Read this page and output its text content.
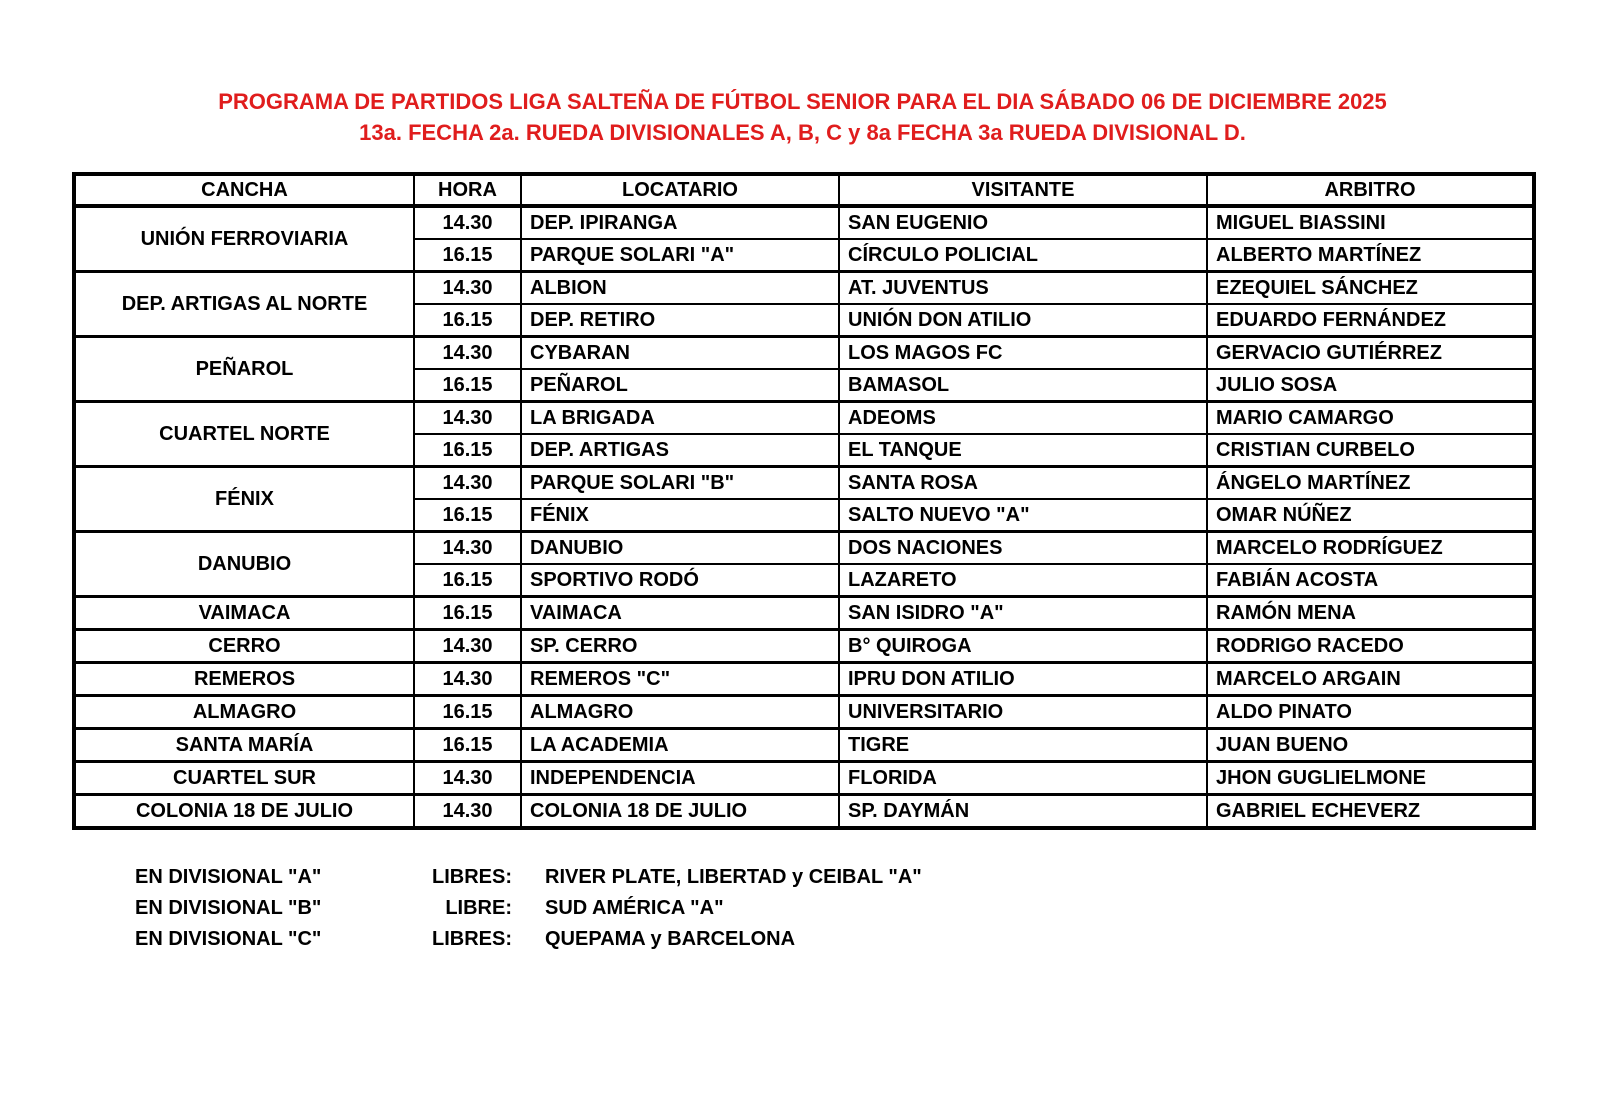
PROGRAMA DE PARTIDOS LIGA SALTEÑA DE FÚTBOL SENIOR PARA EL DIA SÁBADO 06 DE DICIEMBRE 2025
13a. FECHA 2a. RUEDA DIVISIONALES A, B, C y 8a FECHA 3a RUEDA DIVISIONAL D.
CANCHA	HORA	LOCATARIO	VISITANTE	ARBITRO
UNIÓN FERROVIARIA	14.30	DEP. IPIRANGA	SAN EUGENIO	MIGUEL BIASSINI
	16.15	PARQUE SOLARI "A"	CÍRCULO POLICIAL	ALBERTO MARTÍNEZ
DEP. ARTIGAS AL NORTE	14.30	ALBION	AT. JUVENTUS	EZEQUIEL SÁNCHEZ
	16.15	DEP. RETIRO	UNIÓN DON ATILIO	EDUARDO FERNÁNDEZ
PEÑAROL	14.30	CYBARAN	LOS MAGOS FC	GERVACIO GUTIÉRREZ
	16.15	PEÑAROL	BAMASOL	JULIO SOSA
CUARTEL NORTE	14.30	LA BRIGADA	ADEOMS	MARIO CAMARGO
	16.15	DEP. ARTIGAS	EL TANQUE	CRISTIAN CURBELO
FÉNIX	14.30	PARQUE SOLARI "B"	SANTA ROSA	ÁNGELO MARTÍNEZ
	16.15	FÉNIX	SALTO NUEVO "A"	OMAR NÚÑEZ
DANUBIO	14.30	DANUBIO	DOS NACIONES	MARCELO RODRÍGUEZ
	16.15	SPORTIVO RODÓ	LAZARETO	FABIÁN ACOSTA
VAIMACA	16.15	VAIMACA	SAN ISIDRO "A"	RAMÓN MENA
CERRO	14.30	SP. CERRO	B° QUIROGA	RODRIGO RACEDO
REMEROS	14.30	REMEROS "C"	IPRU DON ATILIO	MARCELO ARGAIN
ALMAGRO	16.15	ALMAGRO	UNIVERSITARIO	ALDO PINATO
SANTA MARÍA	16.15	LA ACADEMIA	TIGRE	JUAN BUENO
CUARTEL SUR	14.30	INDEPENDENCIA	FLORIDA	JHON GUGLIELMONE
COLONIA 18 DE JULIO	14.30	COLONIA 18 DE JULIO	SP. DAYMÁN	GABRIEL ECHEVERZ
EN DIVISIONAL "A"	LIBRES:	RIVER PLATE, LIBERTAD y CEIBAL "A"
EN DIVISIONAL "B"	LIBRE:	SUD AMÉRICA "A"
EN DIVISIONAL "C"	LIBRES:	QUEPAMA y BARCELONA
